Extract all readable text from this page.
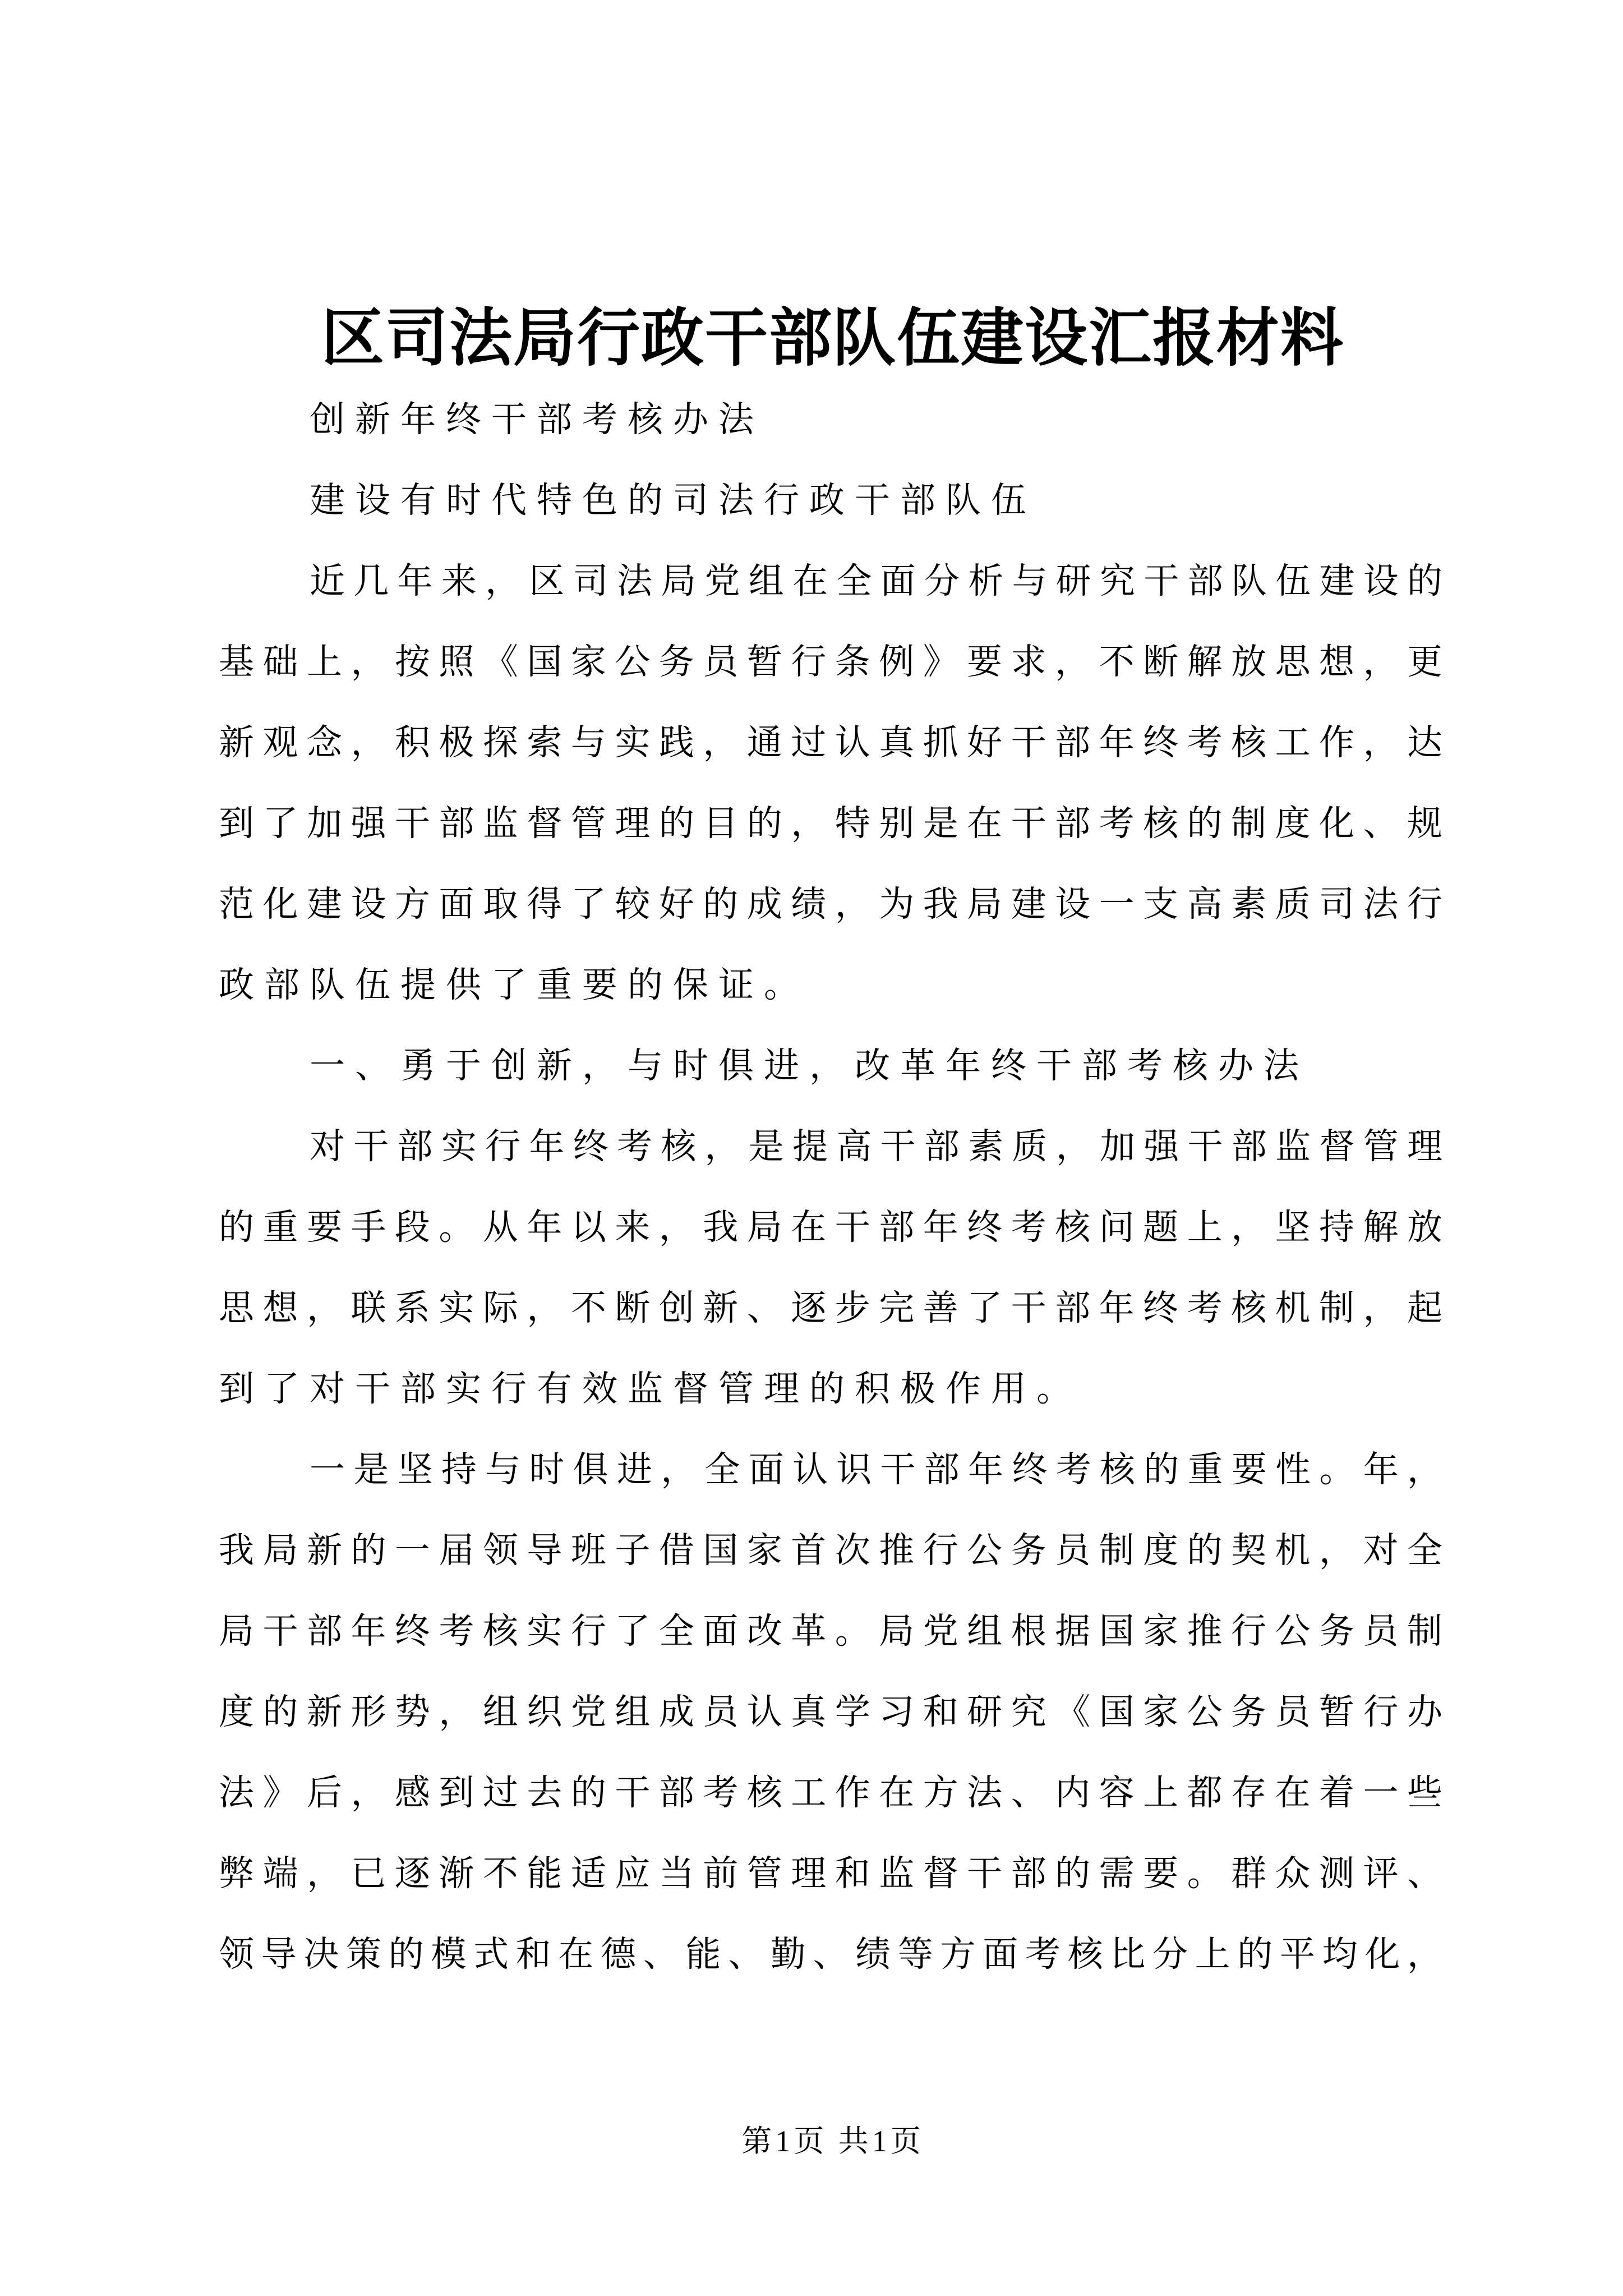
区司法局行政干部队伍建设汇报材料
创新年终干部考核办法
建设有时代特色的司法行政干部队伍
近几年来，区司法局党组在全面分析与研究干部队伍建设的
基础上，按照《国家公务员暂行条例》要求，不断解放思想，更
新观念，积极探索与实践，通过认真抓好干部年终考核工作，达
到了加强干部监督管理的目的，特别是在干部考核的制度化、规
范化建设方面取得了较好的成绩，为我局建设一支高素质司法行
政部队伍提供了重要的保证。
一、勇于创新，与时俱进，改革年终干部考核办法
对干部实行年终考核，是提高干部素质，加强干部监督管理
的重要手段。从年以来，我局在干部年终考核问题上，坚持解放
思想，联系实际，不断创新、逐步完善了干部年终考核机制，起
到了对干部实行有效监督管理的积极作用。
一是坚持与时俱进，全面认识干部年终考核的重要性。年，
我局新的一届领导班子借国家首次推行公务员制度的契机，对全
局干部年终考核实行了全面改革。局党组根据国家推行公务员制
度的新形势，组织党组成员认真学习和研究《国家公务员暂行办
法》后，感到过去的干部考核工作在方法、内容上都存在着一些
弊端，已逐渐不能适应当前管理和监督干部的需要。群众测评、
领导决策的模式和在德、能、勤、绩等方面考核比分上的平均化，
第1页 共1页
